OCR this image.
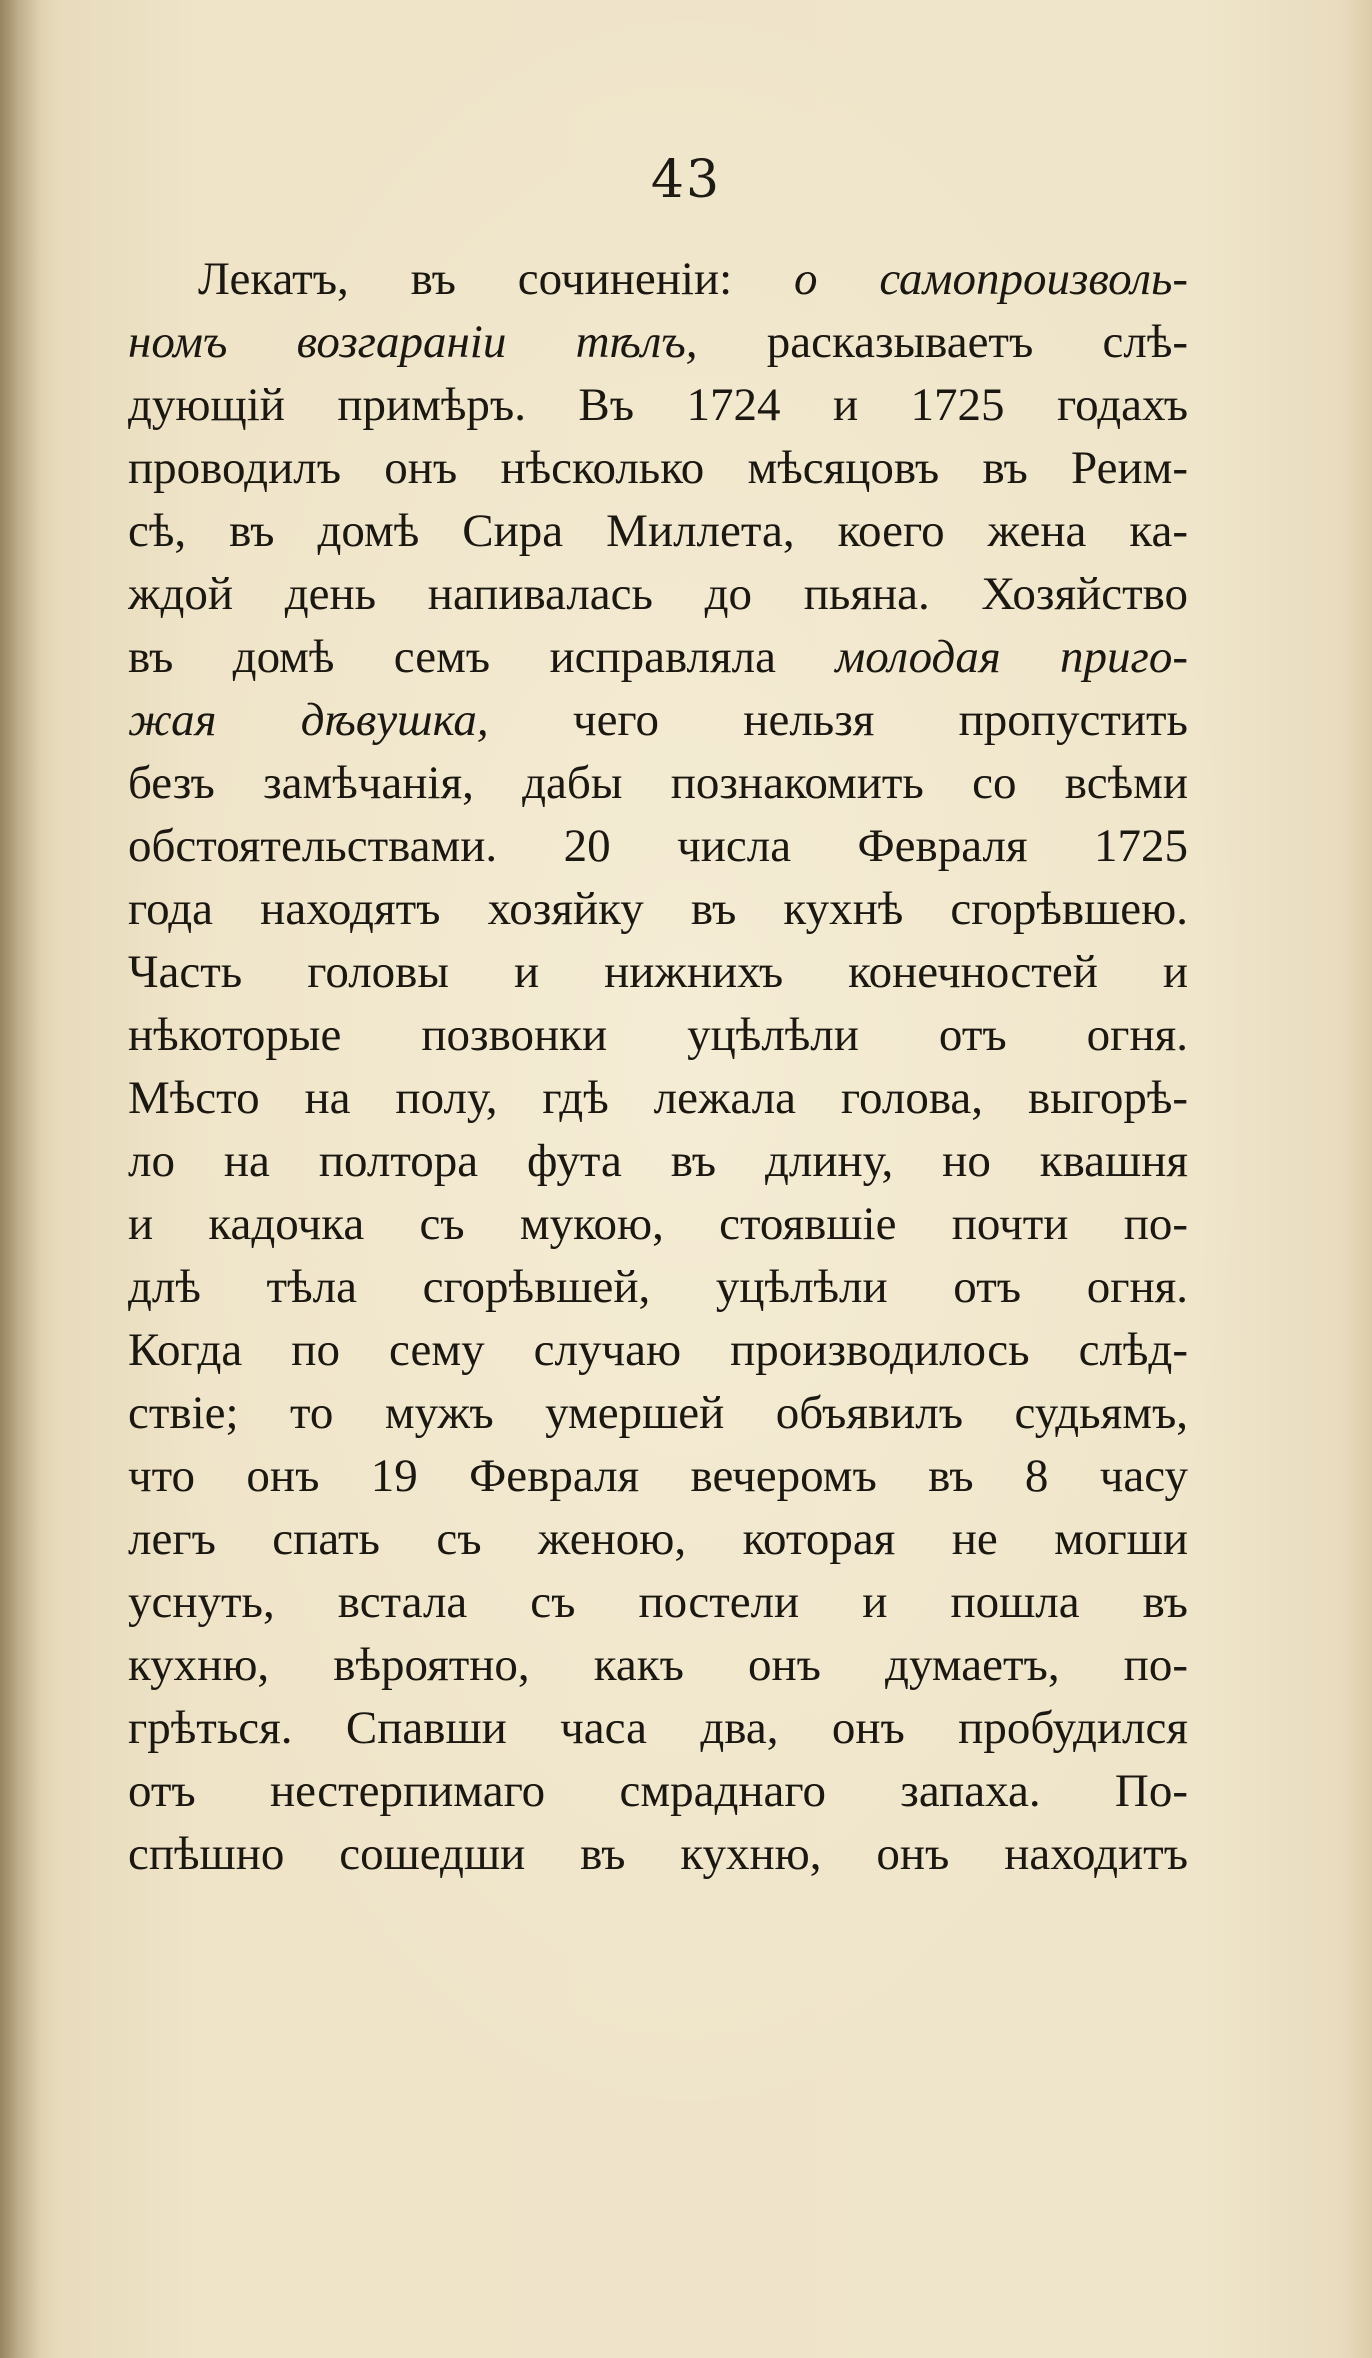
43
Лекатъ, въ сочиненіи: о самопроизволь-
номъ возгараніи тѣлъ, расказываетъ слѣ-
дующій примѣръ. Въ 1724 и 1725 годахъ
проводилъ онъ нѣсколько мѣсяцовъ въ Реим-
сѣ, въ домѣ Сира Миллета, коего жена ка-
ждой день напивалась до пьяна. Хозяйство
въ домѣ семъ исправляла молодая приго-
жая дѣвушка, чего нельзя пропустить
безъ замѣчанія, дабы познакомить со всѣми
обстоятельствами. 20 числа Февраля 1725
года находятъ хозяйку въ кухнѣ сгорѣвшею.
Часть головы и нижнихъ конечностей и
нѣкоторые позвонки уцѣлѣли отъ огня.
Мѣсто на полу, гдѣ лежала голова, выгорѣ-
ло на полтора фута въ длину, но квашня
и кадочка съ мукою, стоявшіе почти по-
длѣ тѣла сгорѣвшей, уцѣлѣли отъ огня.
Когда по сему случаю производилось слѣд-
ствіе; то мужъ умершей объявилъ судьямъ,
что онъ 19 Февраля вечеромъ въ 8 часу
легъ спать съ женою, которая не могши
уснуть, встала съ постели и пошла въ
кухню, вѣроятно, какъ онъ думаетъ, по-
грѣться. Спавши часа два, онъ пробудился
отъ нестерпимаго смраднаго запаха. По-
спѣшно сошедши въ кухню, онъ находитъ
